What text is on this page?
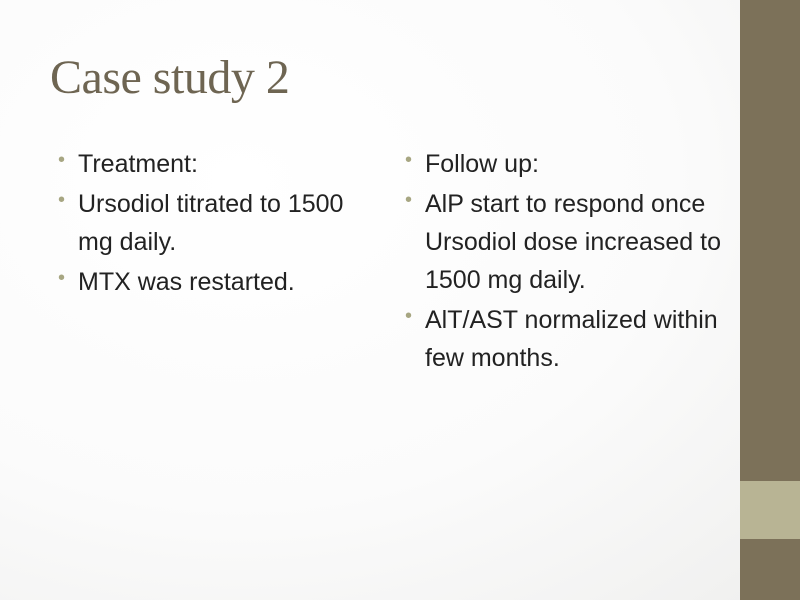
Case study 2
• Treatment:
• Ursodiol titrated to 1500 mg daily.
• MTX was restarted.
• Follow up:
• AlP start to respond once Ursodiol dose increased to 1500 mg daily.
• AlT/AST normalized within few months.
